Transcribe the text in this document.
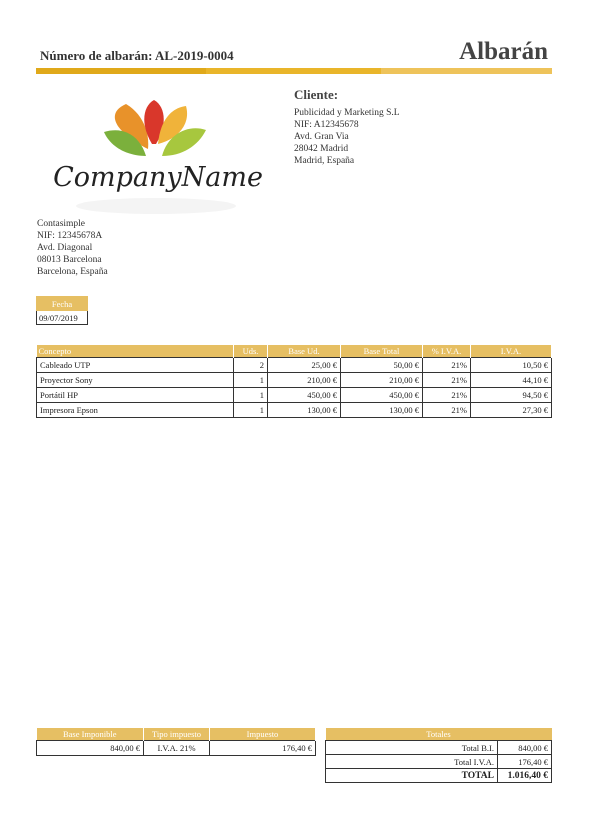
Número de albarán: AL-2019-0004	Albarán
Cliente:
Publicidad y Marketing S.L
NIF: A12345678
Avd. Gran Via
28042 Madrid
Madrid, España
CompanyName
Contasimple
NIF: 12345678A
Avd. Diagonal
08013 Barcelona
Barcelona, España
Fecha
09/07/2019
Concepto	Uds.	Base Ud.	Base Total	% I.V.A.	I.V.A.
Cableado UTP	2	25,00 €	50,00 €	21%	10,50 €
Proyector Sony	1	210,00 €	210,00 €	21%	44,10 €
Portátil HP	1	450,00 €	450,00 €	21%	94,50 €
Impresora Epson	1	130,00 €	130,00 €	21%	27,30 €
Base Imponible	Tipo impuesto	Impuesto
840,00 €	I.V.A. 21%	176,40 €
Totales	
Total B.I.	840,00 €
Total I.V.A.	176,40 €
TOTAL	1.016,40 €
